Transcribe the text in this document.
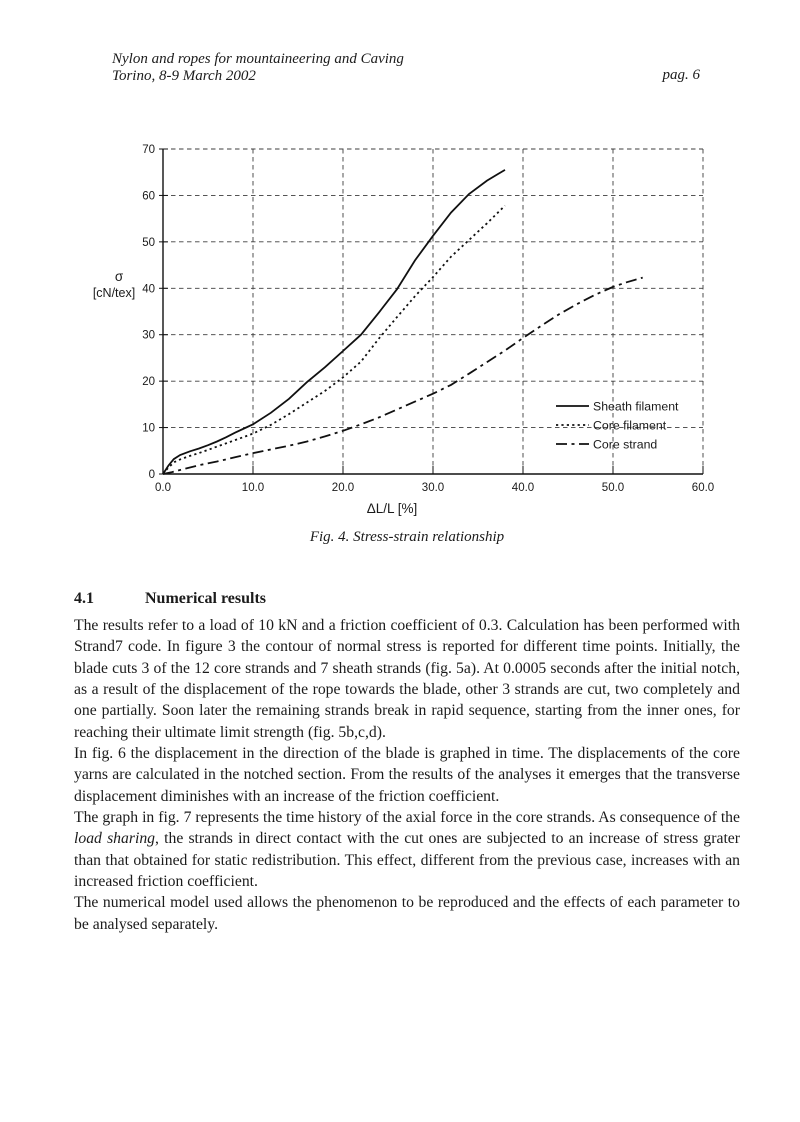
Nylon and ropes for mountaineering and Caving
Torino, 8-9 March 2002	pag. 6
0
10
20
30
40
50
60
70
0.0	10.0	20.0	30.0	40.0	50.0	60.0
σ
[cN/tex]
ΔL/L [%]
Sheath filament
Core filament
Core strand
Fig. 4. Stress-strain relationship
4.1	Numerical results

The results refer to a load of 10 kN and a friction coefficient of 0.3. Calculation has been performed with Strand7 code. In figure 3 the contour of normal stress is reported for different time points. Initially, the blade cuts 3 of the 12 core strands and 7 sheath strands (fig. 5a). At 0.0005 seconds after the initial notch, as a result of the displacement of the rope towards the blade, other 3 strands are cut, two completely and one partially. Soon later the remaining strands break in rapid sequence, starting from the inner ones, for reaching their ultimate limit strength (fig. 5b,c,d).

In fig. 6 the displacement in the direction of the blade is graphed in time. The displacements of the core yarns are calculated in the notched section. From the results of the analyses it emerges that the transverse displacement diminishes with an increase of the friction coefficient.

The graph in fig. 7 represents the time history of the axial force in the core strands. As consequence of the load sharing, the strands in direct contact with the cut ones are subjected to an increase of stress grater than that obtained for static redistribution. This effect, different from the previous case, increases with an increased friction coefficient.

The numerical model used allows the phenomenon to be reproduced and the effects of each parameter to be analysed separately.
